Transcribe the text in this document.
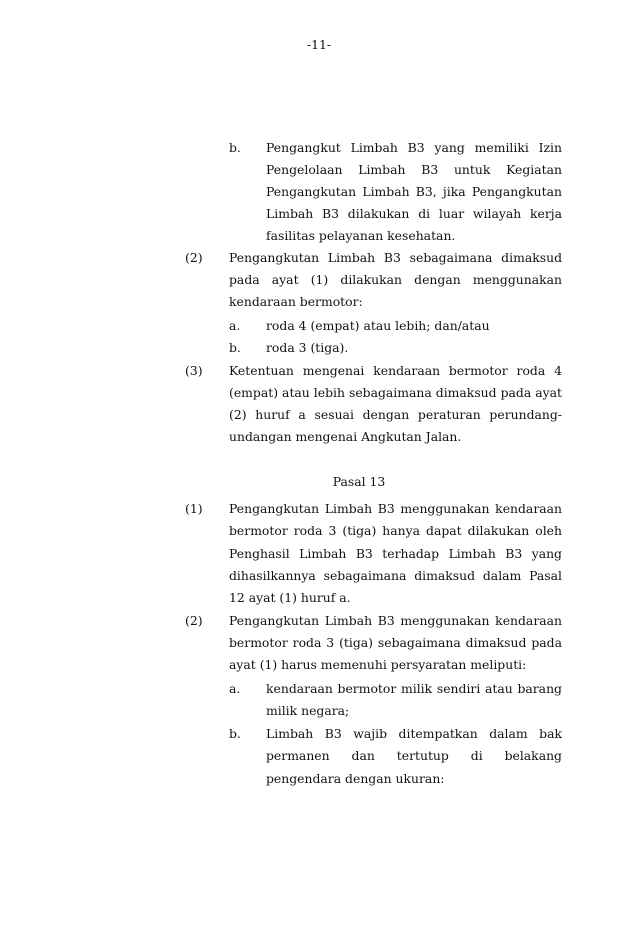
-11-
b. Pengangkut Limbah B3 yang memiliki Izin
Pengelolaan Limbah B3 untuk Kegiatan
Pengangkutan Limbah B3, jika Pengangkutan
Limbah B3 dilakukan di luar wilayah kerja
fasilitas pelayanan kesehatan.
(2) Pengangkutan Limbah B3 sebagaimana dimaksud
pada ayat (1) dilakukan dengan menggunakan
kendaraan bermotor:
a. roda 4 (empat) atau lebih; dan/atau
b. roda 3 (tiga).
(3) Ketentuan mengenai kendaraan bermotor roda 4
(empat) atau lebih sebagaimana dimaksud pada ayat
(2) huruf a sesuai dengan peraturan perundang-
undangan mengenai Angkutan Jalan.
Pasal 13
(1) Pengangkutan Limbah B3 menggunakan kendaraan
bermotor roda 3 (tiga) hanya dapat dilakukan oleh
Penghasil Limbah B3 terhadap Limbah B3 yang
dihasilkannya sebagaimana dimaksud dalam Pasal
12 ayat (1) huruf a.
(2) Pengangkutan Limbah B3 menggunakan kendaraan
bermotor roda 3 (tiga) sebagaimana dimaksud pada
ayat (1) harus memenuhi persyaratan meliputi:
a. kendaraan bermotor milik sendiri atau barang
milik negara;
b. Limbah B3 wajib ditempatkan dalam bak
permanen dan tertutup di belakang
pengendara dengan ukuran:
